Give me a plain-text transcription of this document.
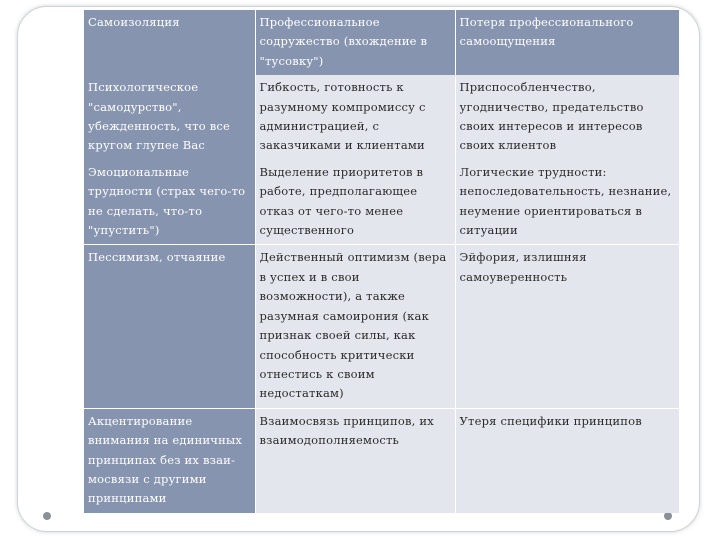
Самоизоляция	Профессиональное содружество (вхождение в "тусовку")	Потеря профессионального самоощущения
Психологическое "самодурство", убежденность, что все кругом глупее Вас	Гибкость, готовность к разумному компромиссу с администрацией, с заказчиками и клиентами	Приспособленчество, угодничество, предательство своих интересов и интересов своих клиентов
Эмоциональные трудности (страх чего-то не сделать, что-то "упустить")	Выделение приоритетов в работе, предполагающее отказ от чего-то менее существенного	Логические трудности: непоследовательность, незнание, неумение ориентироваться в ситуации
Пессимизм, отчаяние	Действенный оптимизм (вера в успех и в свои возможности), а также разумная самоирония (как признак своей силы, как способность критически отнестись к своим недостаткам)	Эйфория, излишняя самоуверенность
Акцентирование внимания на единичных принципах без их взаи-мосвязи с другими принципами	Взаимосвязь принципов, их взаимодополняемость	Утеря специфики принципов
